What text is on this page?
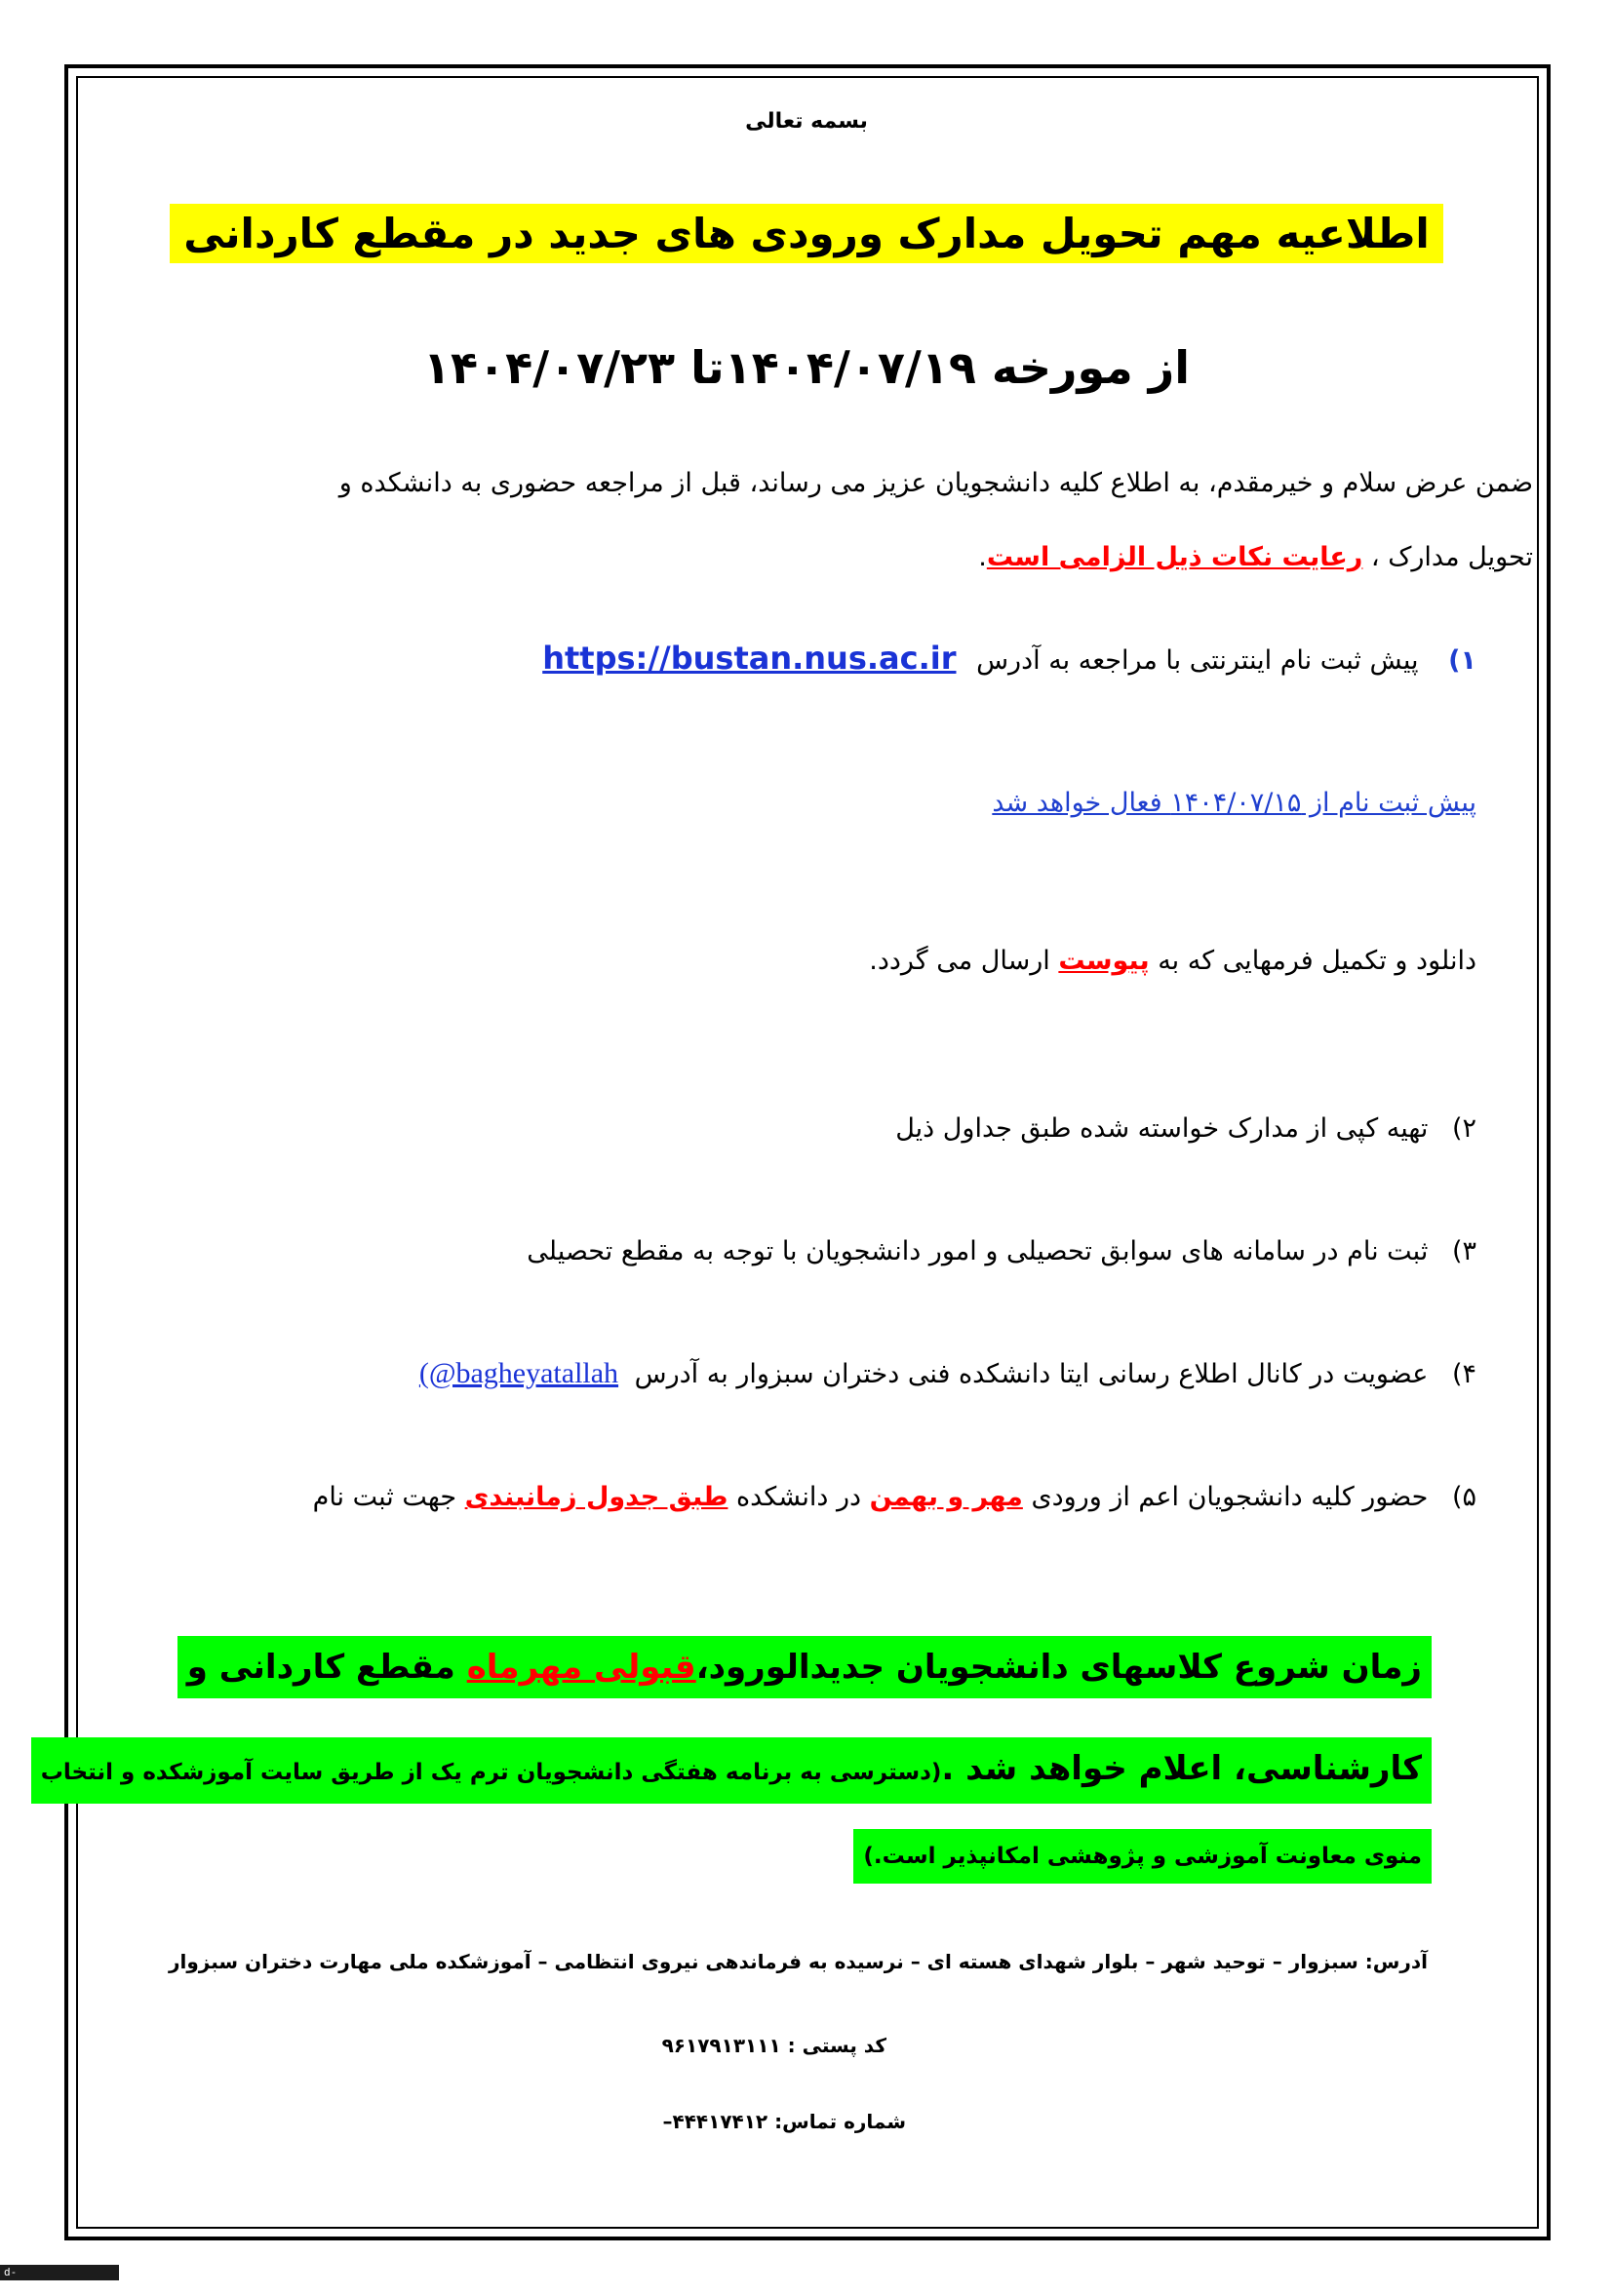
بسمه تعالی
اطلاعیه مهم تحویل مدارک ورودی های جدید در مقطع کاردانی
از مورخه ۱۴۰۴/۰۷/۱۹تا ۱۴۰۴/۰۷/۲۳
ضمن عرض سلام و خیرمقدم، به اطلاع کلیه دانشجویان عزیز می رساند، قبل از مراجعه حضوری به دانشکده و
تحویل مدارک ، رعایت نکات ذیل الزامی است.
۱) پیش ثبت نام اینترنتی با مراجعه به آدرس https://bustan.nus.ac.ir
پیش ثبت نام از ۱۴۰۴/۰۷/۱۵ فعال خواهد شد
دانلود و تکمیل فرمهایی که به پیوست ارسال می گردد.
۲) تهیه کپی از مدارک خواسته شده طبق جداول ذیل
۳) ثبت نام در سامانه های سوابق تحصیلی و امور دانشجویان با توجه به مقطع تحصیلی
۴) عضویت در کانال اطلاع رسانی ایتا دانشکده فنی دختران سبزوار به آدرس (@bagheyatallah
۵) حضور کلیه دانشجویان اعم از ورودی مهر و بهمن در دانشکده طبق جدول زمانبندی جهت ثبت نام
زمان شروع کلاسهای دانشجویان جدیدالورود،قبولی مهرماه مقطع کاردانی و
کارشناسی، اعلام خواهد شد .(دسترسی به برنامه هفتگی دانشجویان ترم یک از طریق سایت آموزشکده و انتخاب
منوی معاونت آموزشی و پژوهشی امکانپذیر است.)
آدرس: سبزوار – توحید شهر – بلوار شهدای هسته ای – نرسیده به فرماندهی نیروی انتظامی – آموزشکده ملی مهارت دختران سبزوار
کد پستی : ۹۶۱۷۹۱۳۱۱۱
شماره تماس: ۴۴۴۱۷۴۱۲–
d-sabzevar.nus.ac.ir
